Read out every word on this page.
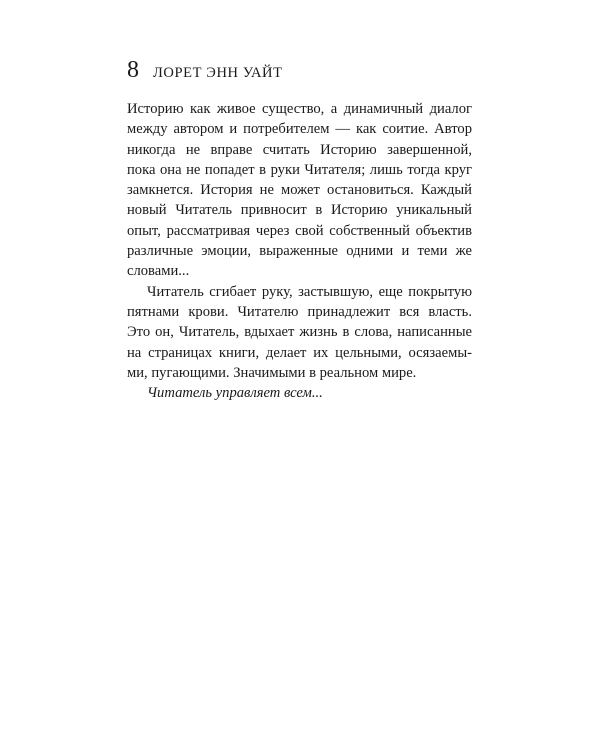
8 ЛОРЕТ ЭНН УАЙТ
Историю как живое существо, а динамичный диалог
между автором и потребителем — как соитие. Автор
никогда не вправе считать Историю завершенной,
пока она не попадет в руки Читателя; лишь тогда круг
замкнется. История не может остановиться. Каждый
новый Читатель привносит в Историю уникальный
опыт, рассматривая через свой собственный объектив
различные эмоции, выраженные одними и теми же
словами...
Читатель сгибает руку, застывшую, еще покрытую
пятнами крови. Читателю принадлежит вся власть.
Это он, Читатель, вдыхает жизнь в слова, написанные
на страницах книги, делает их цельными, осязаемы-
ми, пугающими. Значимыми в реальном мире.
Читатель управляет всем...
